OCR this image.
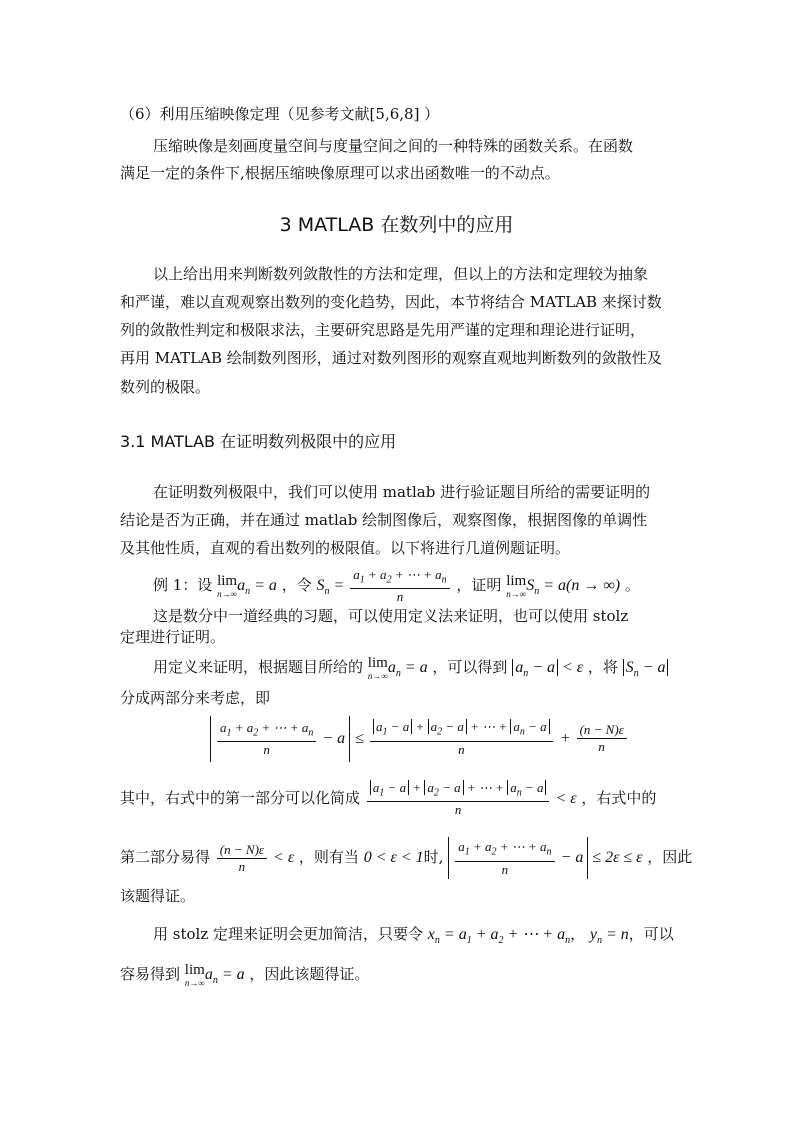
（6）利用压缩映像定理（见参考文献[5,6,8] ）
压缩映像是刻画度量空间与度量空间之间的一种特殊的函数关系。在函数
满足一定的条件下,根据压缩映像原理可以求出函数唯一的不动点。
3 MATLAB 在数列中的应用
以上给出用来判断数列敛散性的方法和定理，但以上的方法和定理较为抽象
和严谨，难以直观观察出数列的变化趋势，因此，本节将结合 MATLAB 来探讨数
列的敛散性判定和极限求法，主要研究思路是先用严谨的定理和理论进行证明，
再用 MATLAB 绘制数列图形，通过对数列图形的观察直观地判断数列的敛散性及
数列的极限。
3.1 MATLAB 在证明数列极限中的应用
在证明数列极限中，我们可以使用 matlab 进行验证题目所给的需要证明的
结论是否为正确，并在通过 matlab 绘制图像后，观察图像，根据图像的单调性
及其他性质，直观的看出数列的极限值。以下将进行几道例题证明。
例 1：设 lim
n→∞ $a_n = a$ ，令 $S_n = \frac{a_1 + a_2 + \cdots + a_n}{n}$ ，证明 lim
n→∞ $S_n = a(n$ → ∞) 。
这是数分中一道经典的习题，可以使用定义法来证明，也可以使用 stolz
定理进行证明。
用定义来证明，根据题目所给的 lim
n→∞ $a_n = a$ ，可以得到 $a_n - a < \varepsilon$ ，将 $S_n - a$
分成两部分来考虑，即
$\frac{a_1 + a_2 + \cdots + a_n}{n} - a \le \frac{a_1 - a + a_2 - a + \cdots + a_n - a}{n} + \frac{(n - N)\varepsilon}{n}$
其中，右式中的第一部分可以化简成 $\frac{a_1 - a + a_2 - a + \cdots + a_n - a}{n} < \varepsilon$ ，右式中的
第二部分易得 $\frac{(n - N)\varepsilon}{n} < \varepsilon$ ，则有当 0 < ε < 1时, $\frac{a_1 + a_2 + \cdots + a_n}{n} - a \le 2\varepsilon \le \varepsilon$ ，因此
该题得证。
用 stolz 定理来证明会更加简洁，只要令 $x_n = a_1 + a_2$ + ⋯ + $a_n$， $y_n = n$，可以
容易得到 lim
n→∞ $a_n = a$ ，因此该题得证。
